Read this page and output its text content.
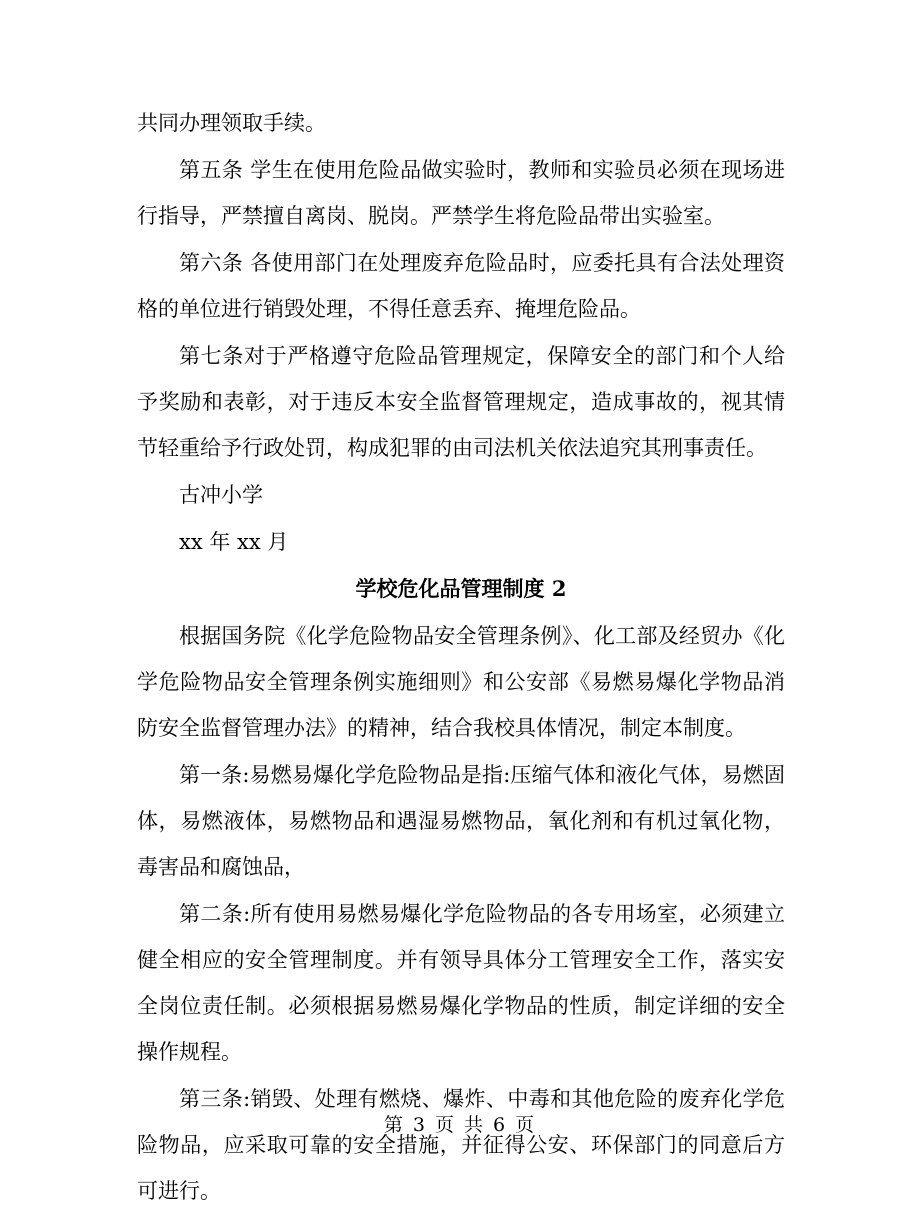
共同办理领取手续。

第五条 学生在使用危险品做实验时，教师和实验员必须在现场进行指导，严禁擅自离岗、脱岗。严禁学生将危险品带出实验室。

第六条 各使用部门在处理废弃危险品时，应委托具有合法处理资格的单位进行销毁处理，不得任意丢弃、掩埋危险品。

第七条对于严格遵守危险品管理规定，保障安全的部门和个人给予奖励和表彰，对于违反本安全监督管理规定，造成事故的，视其情节轻重给予行政处罚，构成犯罪的由司法机关依法追究其刑事责任。

古冲小学

xx 年 xx 月

学校危化品管理制度 2

根据国务院《化学危险物品安全管理条例》、化工部及经贸办《化学危险物品安全管理条例实施细则》和公安部《易燃易爆化学物品消防安全监督管理办法》的精神，结合我校具体情况，制定本制度。

第一条:易燃易爆化学危险物品是指:压缩气体和液化气体，易燃固体，易燃液体，易燃物品和遇湿易燃物品，氧化剂和有机过氧化物，毒害品和腐蚀品，

第二条:所有使用易燃易爆化学危险物品的各专用场室，必须建立健全相应的安全管理制度。并有领导具体分工管理安全工作，落实安全岗位责任制。必须根据易燃易爆化学物品的性质，制定详细的安全操作规程。

第三条:销毁、处理有燃烧、爆炸、中毒和其他危险的废弃化学危险物品，应采取可靠的安全措施，并征得公安、环保部门的同意后方可进行。

第 3 页 共 6 页
